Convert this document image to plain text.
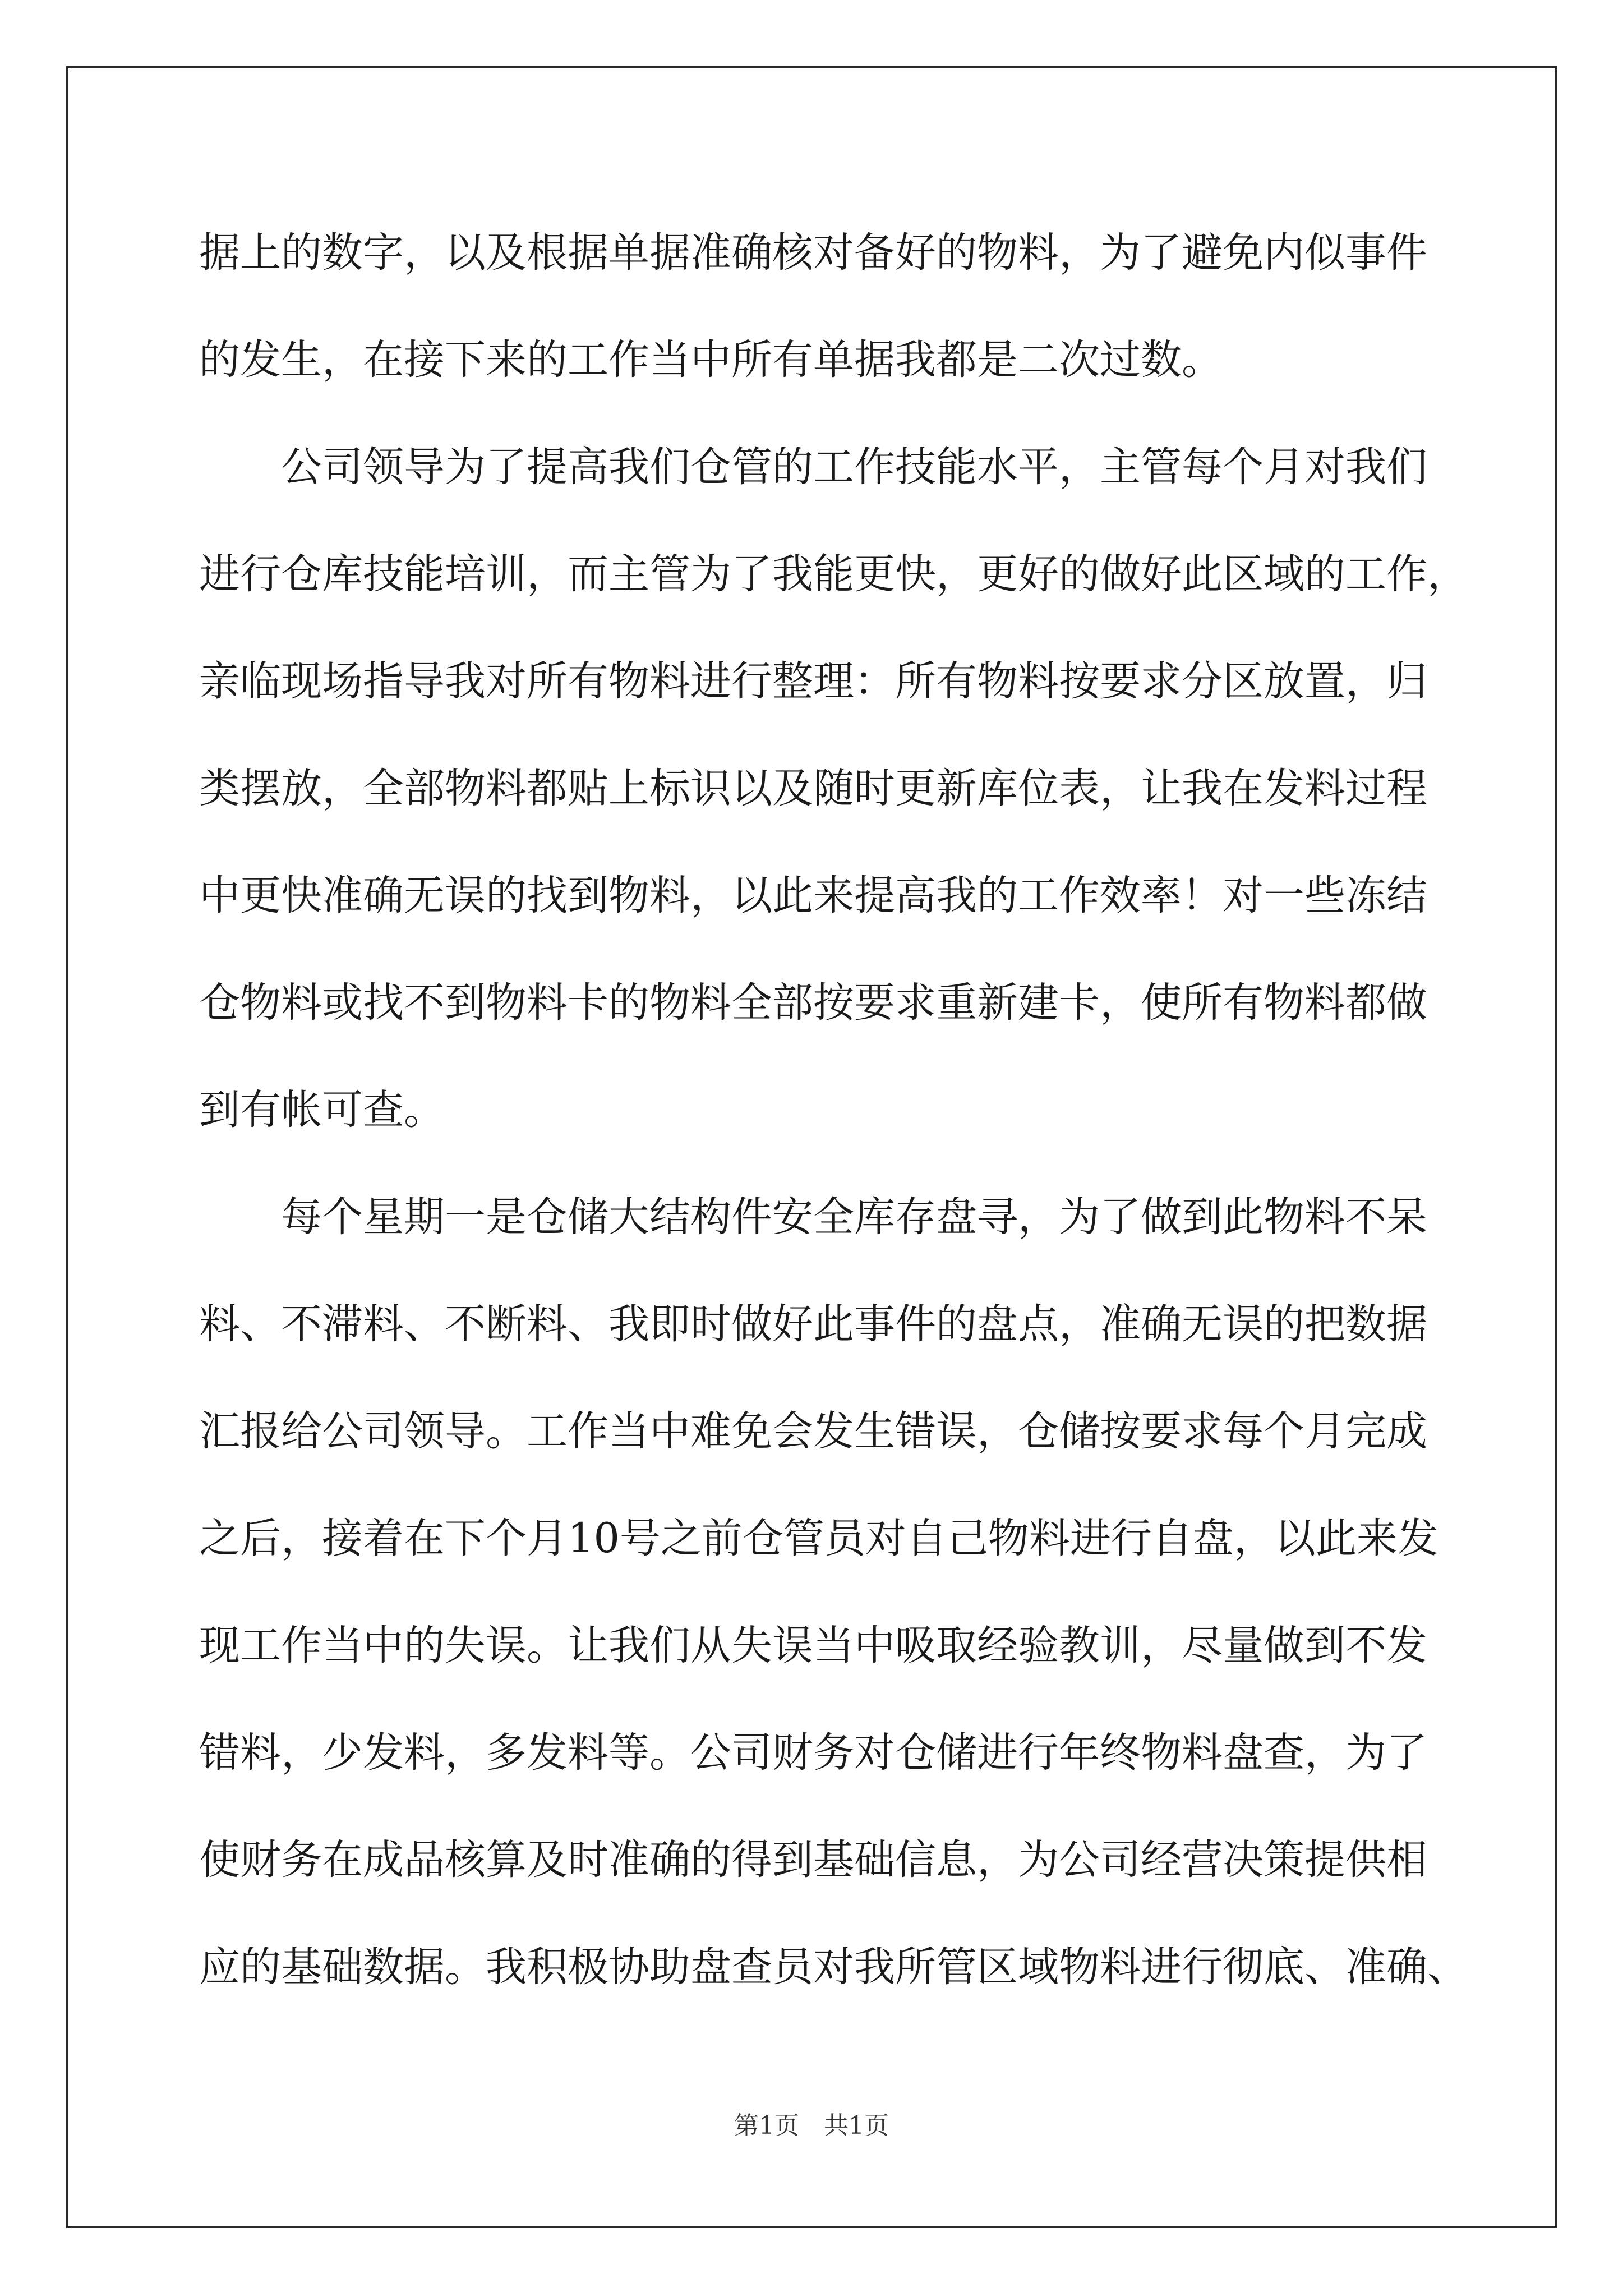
据 上 的 数 字 ， 以 及 根 据 单 据 准 确 核 对 备 好 的 物 料 ， 为 了 避 免 内 似 事 件
的发生，在接下来的工作当中所有单据我都是二次过数。
公 司 领 导 为 了 提 高 我 们 仓 管 的 工 作 技 能 水 平 ， 主 管 每 个 月 对 我 们
进 行 仓 库 技 能 培 训 ， 而 主 管 为 了 我 能 更 快 ， 更 好 的 做 好 此 区 域 的 工 作 ，
亲 临 现 场 指 导 我 对 所 有 物 料 进 行 整 理 ： 所 有 物 料 按 要 求 分 区 放 置 ， 归
类 摆 放 ， 全 部 物 料 都 贴 上 标 识 以 及 随 时 更 新 库 位 表 ， 让 我 在 发 料 过 程
中 更 快 准 确 无 误 的 找 到 物 料 ， 以 此 来 提 高 我 的 工 作 效 率 ！ 对 一 些 冻 结
仓 物 料 或 找 不 到 物 料 卡 的 物 料 全 部 按 要 求 重 新 建 卡 ， 使 所 有 物 料 都 做
到有帐可查。
每 个 星 期 一 是 仓 储 大 结 构 件 安 全 库 存 盘 寻 ， 为 了 做 到 此 物 料 不 呆
料 、 不 滞 料 、 不 断 料 、 我 即 时 做 好 此 事 件 的 盘 点 ， 准 确 无 误 的 把 数 据
汇 报 给 公 司 领 导 。 工 作 当 中 难 免 会 发 生 错 误 ， 仓 储 按 要 求 每 个 月 完 成
之 后 ， 接 着 在 下 个 月 10 号 之 前 仓 管 员 对 自 己 物 料 进 行 自 盘 ， 以 此 来 发
现 工 作 当 中 的 失 误 。 让 我 们 从 失 误 当 中 吸 取 经 验 教 训 ， 尽 量 做 到 不 发
错 料 ， 少 发 料 ， 多 发 料 等 。 公 司 财 务 对 仓 储 进 行 年 终 物 料 盘 查 ， 为 了
使 财 务 在 成 品 核 算 及 时 准 确 的 得 到 基 础 信 息 ， 为 公 司 经 营 决 策 提 供 相
应 的 基 础 数 据 。 我 积 极 协 助 盘 查 员 对 我 所 管 区 域 物 料 进 行 彻 底 、 准 确 、
第1页　共1页
